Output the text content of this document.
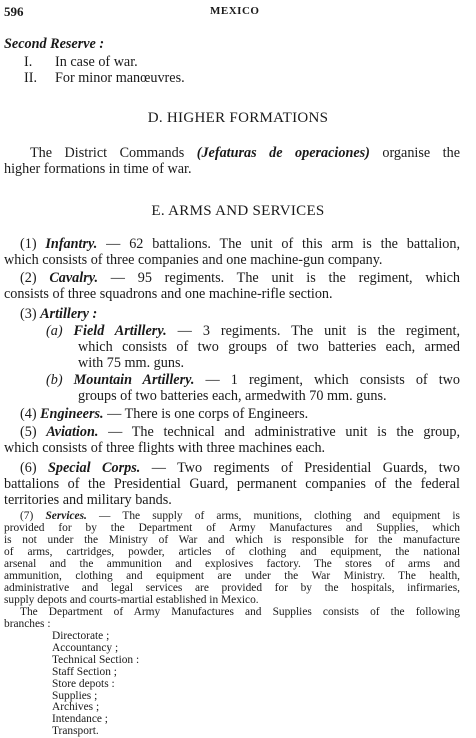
596	MEXICO
Second Reserve :
I. In case of war.
II. For minor manœuvres.
D. HIGHER FORMATIONS
The District Commands (Jefaturas de operaciones) organise the
higher formations in time of war.
E. ARMS AND SERVICES
(1) Infantry. — 62 battalions. The unit of this arm is the battalion,
which consists of three companies and one machine-gun company.
(2) Cavalry. — 95 regiments. The unit is the regiment, which
consists of three squadrons and one machine-rifle section.
(3) Artillery :
(a) Field Artillery. — 3 regiments. The unit is the regiment,
which consists of two groups of two batteries each, armed
with 75 mm. guns.
(b) Mountain Artillery. — 1 regiment, which consists of two
groups of two batteries each, armedwith 70 mm. guns.
(4) Engineers. — There is one corps of Engineers.
(5) Aviation. — The technical and administrative unit is the group,
which consists of three flights with three machines each.
(6) Special Corps. — Two regiments of Presidential Guards, two
battalions of the Presidential Guard, permanent companies of the federal
territories and military bands.
(7) Services. — The supply of arms, munitions, clothing and equipment is
provided for by the Department of Army Manufactures and Supplies, which
is not under the Ministry of War and which is responsible for the manufacture
of arms, cartridges, powder, articles of clothing and equipment, the national
arsenal and the ammunition and explosives factory. The stores of arms and
ammunition, clothing and equipment are under the War Ministry. The health,
administrative and legal services are provided for by the hospitals, infirmaries,
supply depots and courts-martial established in Mexico.
The Department of Army Manufactures and Supplies consists of the following
branches :
Directorate ;
Accountancy ;
Technical Section :
Staff Section ;
Store depots :
Supplies ;
Archives ;
Intendance ;
Transport.
